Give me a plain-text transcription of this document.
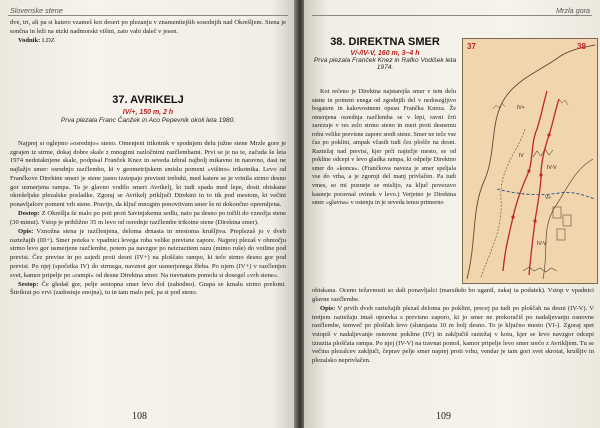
Slovenske stene

dve, tri, ali pa si katero vzameš kot desert po plezanju v znamenitejših sosednjih nad Okrešljem. Stena je sončna in leži na nizki nadmorski višini, zato vabi daleč v jesen.

Vodnik: LDZ

37. AVRIKELJ
IV/+, 150 m, 2 h
Prva plezala Franc Čanžek in Aco Pepevnik okoli leta 1980.

Najprej si oglejmo »osrednjo« steno. Omenjeni trikotnik v spodnjem delu južne stene Mrzle gore je zgrajen iz strme, dokaj dobre skale z mnogimi razločnimi razčlembami. Prvi se je na te, začuda še leta 1974 nedotaknjene skale, podpisal Franček Knez in seveda izbral najbolj mikavno in naravno, dasi ne najlažjo smer: osrednjo razčlembo, ki v geometrijskem smislu pomeni »višino« trikotnika. Levo od Frančkove Direktne smeri je stene jasno izstopajo previsni trebuhi, med katere se je vrinila strmo desno gor usmerjena rampa. Ta je glavno vodilo smeri Avrikelj, ki tudi spada med lepe, dosti obiskane okrešeljske plezalske posladke. Zgoraj se Avrikelj priključi Direktni in to tik pod mestom, ki večini ponavljalcev pomeni vrh stene. Pravijo, da ključ mnogim ponovitvam smer še ni dokončno opremljena.

Dostop: Z Okrešlja še malo po poti proti Savinjskemu sedlu, nato pa desno po točili do vznožja stene (30 minut). Vstop je približno 35 m levo od osrednje razčlembe trikotne stene (Direktna smer).

Opis: Vznožna stena je razčlenjena, deloma drnasta in mestoma krušljiva. Preplezaš jo v dveh raztežajih (III+). Smer poteka v vpadnici levega roba velike previsne zapore. Najprej plezaš v območju strmo levo gor usmerjene razčlembe, potem pa navzgor po neizrazitem razu (mimo ruše) do votline pod previsi. Čez previse in po zajedi proti desni (IV+) na ploščato rampo, ki teče strmo desno gor pod previsi. Po njej (spočetka IV) do strmega, navznot gor usmerjenega žleba. Po njem (IV+) v razčlenjen svet, kamor pripelje po »rampi« od desne Direktna smer. Na travnatem pomolu si dosegel »vrh stene«.

Sestop: Če gledaš gor, pelje sestopna smer levo dol (zahodno). Grapa se kmalu strmo prelomi. Štirikrat po vrvi (zadostuje enojna), tu in tam malo peš, pa si pod steno.

108
Mrzla gora
38. DIREKTNA SMER
V/-/IV-V, 160 m, 3–4 h
Prva plezala Franček Knez in Rafko Vodišek leta 1974.

Kot rečeno je Direktna najstarejša smer v tem delu stene in pomeni enega od zgodnjih del v nedosegljivo bogatem in kakovostnem opusu Frančka Kneza. Že omenjena osrednja razčlemba se v lepi, ravni črti zarezuje v res zelo strmo steno in meri proti desnemu robu velike previsne zapore sredi stene. Smer ne teče vse čas po poklini, ampak včasih tudi čez plošče na desni. Raztežaj nad previsi, kjer prči najtežje mesto, se od pokline odcepi v levo gladka rampa, ki odpelje Direktno smer do »konca«. (Frančkova naveza je smer speljala vse do vrha, a je zgornji del manj privlačen. Pa tudi vmes, so mi pozneje se mislijo, za ključ povezavo kasneje poravnal ovinek v levo.) Verjetno je Direktna smer »glavna« v ostenju in je seveda temu primerno

obiskana. Oceno težavnosti so dali ponavljalci (marsikdo bo uganil, zakaj ta podatek). Vstop v vpadnici glavne razčlembe.

Opis: V prvih dveh raztežajih plezaš deloma po poklini, precej pa tudi po ploščah na desni (IV-V). V tretjem raztežaju imaš opravka s previsno zaporo, ki jo smer ne prekoračiš po nadaljevanju osnovne razčlembe, temveč po ploščah levo (slutnjasta 10 m bolj desno. To je ključno mesto (VI-). Zgoraj spet vstopiš v nadaljevanje osnovne pokline (IV) in zaključiš raztežaj v kotu, kjer se levo navzgor odcepi izrazita ploščata rampa. Po njej (IV-V) na travnat pomol, kamor pripelje levo smer srečo z Avrikljem. Tu se večina plezalcev zaključi, čeprav pelje smer naprej proti vrhu, vendar je tam gori svet skrotat, krušljiv in plezalsko neprivlačen.

37	38
IV+
IV
IV-V
VI-
IV-V
109
